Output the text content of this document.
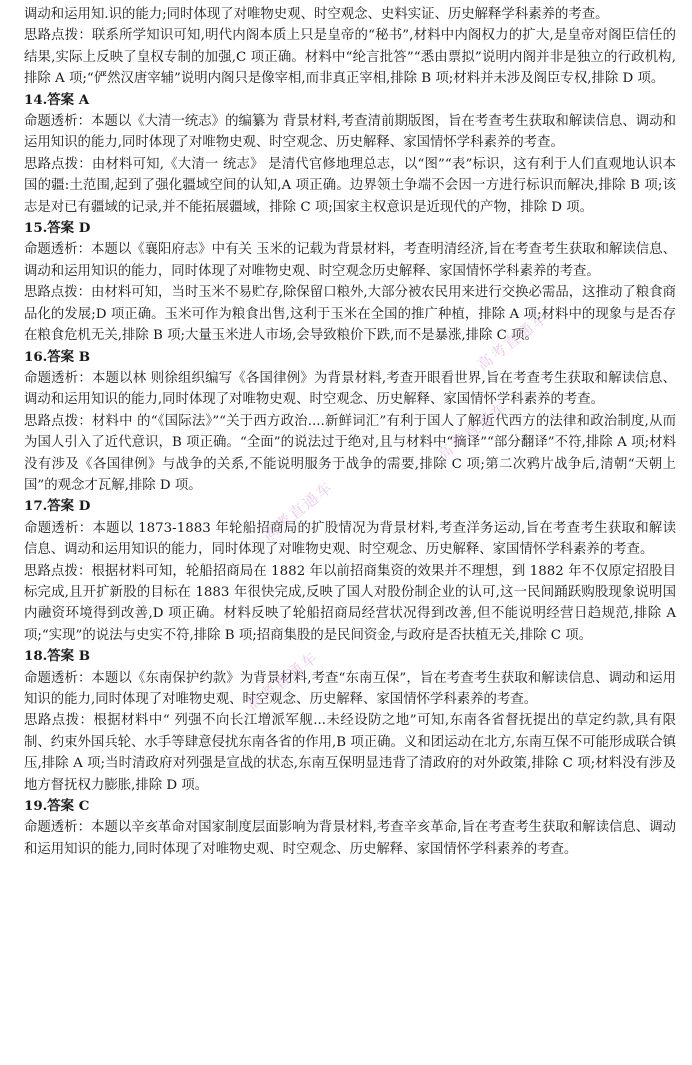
调动和运用知.识的能力;同时体现了对唯物史观、时空观念、史料实证、历史解释学科素养的考查。
思路点拨：联系所学知识可知,明代内阁本质上只是皇帝的“秘书”,材料中内阁权力的扩大,是皇帝对阁臣信任的结果,实际上反映了皇权专制的加强,C 项正确。材料中“纶言批答”“悉由票拟”说明内阁并非是独立的行政机构,排除 A 项;“俨然汉唐宰辅”说明内阁只是像宰相,而非真正宰相,排除 B 项;材料并未涉及阁臣专权,排除 D 项。
14.答案 A
命题透析：本题以《大清一统志》的编纂为 背景材料,考查清前期版图，旨在考查考生获取和解读信息、调动和运用知识的能力,同时体现了对唯物史观、时空观念、历史解释、家国情怀学科素养的考查。
思路点拨：由材料可知,《大清一 统志》 是清代官修地理总志，以“图”“表”标识，这有利于人们直观地认识本国的疆:土范围,起到了强化疆域空间的认知,A 项正确。边界领土争端不会因一方进行标识而解决,排除 B 项;该志是对已有疆域的记录,并不能拓展疆域，排除 C 项;国家主权意识是近现代的产物，排除 D 项。
15.答案 D
命题透析：本题以《襄阳府志》中有关 玉米的记载为背景材料，考查明清经济,旨在考查考生获取和解读信息、调动和运用知识的能力，同时体现了对唯物史观、时空观念历史解释、家国情怀学科素养的考查。
思路点拨：由材料可知，当时玉米不易贮存,除保留口粮外,大部分被农民用来进行交换必需品，这推动了粮食商品化的发展;D 项正确。玉米可作为粮食出售,这利于玉米在全国的推广种植，排除 A 项;材料中的现象与是否存在粮食危机无关,排除 B 项;大量玉米进人市场,会导致粮价下跌,而不是暴涨,排除 C 项。
16.答案 B
命题透析：本题以林 则徐组织编写《各国律例》为背景材料,考查开眼看世界,旨在考查考生获取和解读信息、调动和运用知识的能力,同时体现了对唯物史观、时空观念、历史解释、家国情怀学科素养的考查。
思路点拨：材料中 的“《国际法》”“关于西方政治....新鲜词汇”有利于国人了解近代西方的法律和政治制度,从而为国人引入了近代意识，B 项正确。“全面”的说法过于绝对,且与材料中“摘译”“部分翻译”不符,排除 A 项;材料没有涉及《各国律例》与战争的关系,不能说明服务于战争的需要,排除 C 项;第二次鸦片战争后,清朝“天朝上国”的观念才瓦解,排除 D 项。
17.答案 D
命题透析：本题以 1873-1883 年轮船招商局的扩股情况为背景材料,考查洋务运动,旨在考查考生获取和解读信息、调动和运用知识的能力，同时体现了对唯物史观、时空观念、历史解释、家国情怀学科素养的考查。
思路点拨：根据材料可知，轮船招商局在 1882 年以前招商集资的效果并不理想，到 1882 年不仅原定招股目标完成,且开扩新股的目标在 1883 年很快完成,反映了国人对股份制企业的认可,这一民间踊跃购股现象说明国内融资环境得到改善,D 项正确。材料反映了轮船招商局经营状况得到改善,但不能说明经营日趋规范,排除 A 项;“实现”的说法与史实不符,排除 B 项;招商集股的是民间资金,与政府是否扶植无关,排除 C 项。
18.答案 B
命题透析：本题以《东南保护约款》为背景材料,考查“东南互保”，旨在考查考生获取和解读信息、调动和运用知识的能力,同时体现了对唯物史观、时空观念、历史解释、家国情怀学科素养的考查。
思路点拨：根据材料中“ 列强不向长江增派军舰...未经设防之地”可知,东南各省督抚提出的草定约款,具有限制、约束外国兵轮、水手等肆意侵扰东南各省的作用,B 项正确。义和团运动在北方,东南互保不可能形成联合镇压,排除 A 项;当时清政府对列强是宣战的状态,东南互保明显违背了清政府的对外政策,排除 C 项;材料没有涉及地方督抚权力膨胀,排除 D 项。
19.答案 C
命题透析：本题以辛亥革命对国家制度层面影响为背景材料,考查辛亥革命,旨在考查考生获取和解读信息、调动和运用知识的能力,同时体现了对唯物史观、时空观念、历史解释、家国情怀学科素养的考查。
高考直通车
高考直通车
高考直通车
高考直通车
